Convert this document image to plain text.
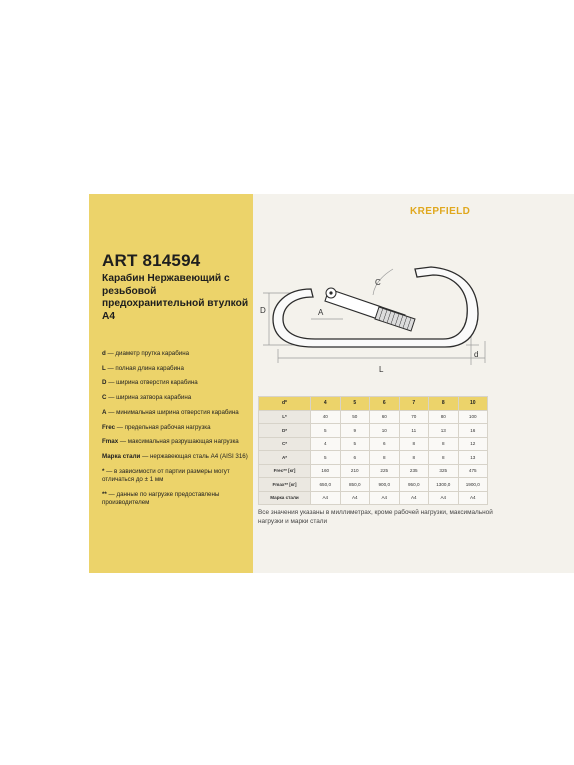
ART 814594
Карабин Нержавеющий с резьбовой предохранительной втулкой А4
d — диаметр прутка карабина
L — полная длина карабина
D — ширина отверстия карабина
C — ширина затвора карабина
A — минимальная ширина отверстия карабина
Frec — предельная рабочая нагрузка
Fmax — максимальная разрушающая нагрузка
Марка стали — нержавеющая сталь А4 (AISI 316)
* — в зависимости от партии размеры могут отличаться до ± 1 мм
** — данные по нагрузке предоставлены производителем
KREPFIELD
D	A
C
L
d
d*	4	5	6	7	8	10
L*	40	50	60	70	80	100
D*	5	9	10	11	13	16
C*	4	5	6	8	8	12
A*	5	6	8	8	8	13
Frec** [кг]	160	210	225	235	325	475
Fmax** [кг]	650,0	850,0	900,0	950,0	1300,0	1900,0
Марка стали	А4	А4	А4	А4	А4	А4
Все значения указаны в миллиметрах, кроме рабочей нагрузки, максимальной нагрузки и марки стали
